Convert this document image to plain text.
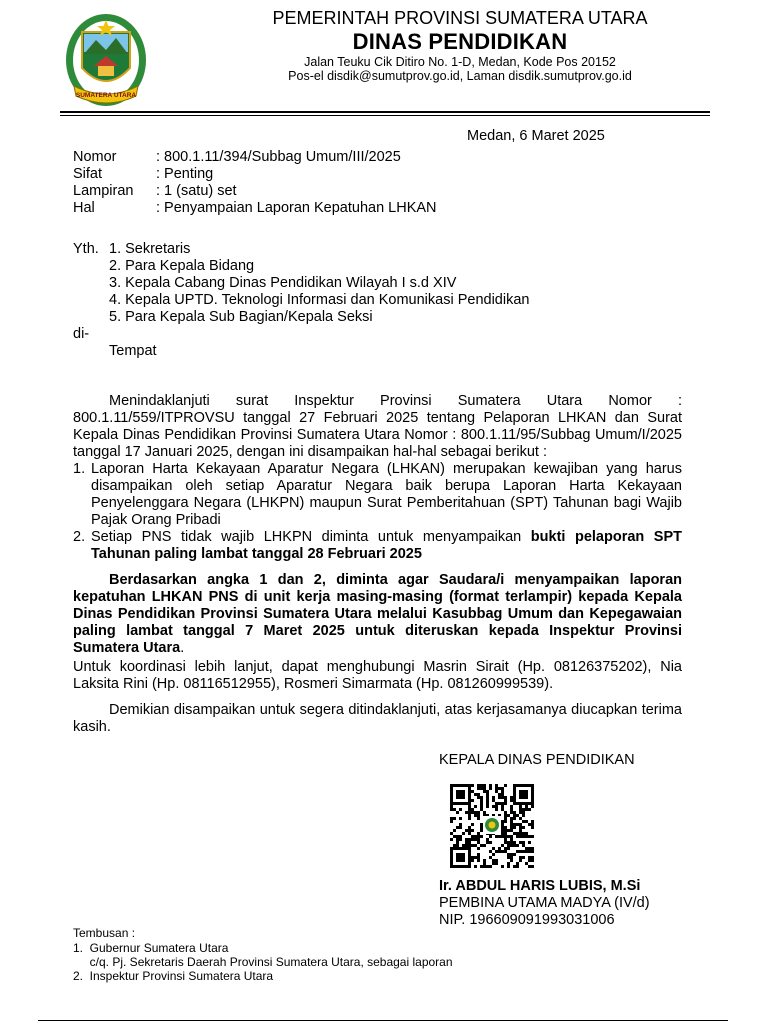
SUMATERA UTARA
PEMERINTAH PROVINSI SUMATERA UTARA
DINAS PENDIDIKAN
Jalan Teuku Cik Ditiro No. 1-D, Medan, Kode Pos 20152
Pos-el disdik@sumutprov.go.id, Laman disdik.sumutprov.go.id
Medan, 6 Maret 2025
Nomor	: 800.1.11/394/Subbag Umum/III/2025
Sifat	: Penting
Lampiran	: 1 (satu) set
Hal	: Penyampaian Laporan Kepatuhan LHKAN
Yth. 1. Sekretaris
2. Para Kepala Bidang
3. Kepala Cabang Dinas Pendidikan Wilayah I s.d XIV
4. Kepala UPTD. Teknologi Informasi dan Komunikasi Pendidikan
5. Para Kepala Sub Bagian/Kepala Seksi
di-
Tempat
Menindaklanjuti surat Inspektur Provinsi Sumatera Utara Nomor : 800.1.11/559/ITPROVSU tanggal 27 Februari 2025 tentang Pelaporan LHKAN dan Surat Kepala Dinas Pendidikan Provinsi Sumatera Utara Nomor : 800.1.11/95/Subbag Umum/I/2025 tanggal 17 Januari 2025, dengan ini disampaikan hal-hal sebagai berikut :
1. Laporan Harta Kekayaan Aparatur Negara (LHKAN) merupakan kewajiban yang harus disampaikan oleh setiap Aparatur Negara baik berupa Laporan Harta Kekayaan Penyelenggara Negara (LHKPN) maupun Surat Pemberitahuan (SPT) Tahunan bagi Wajib Pajak Orang Pribadi
2. Setiap PNS tidak wajib LHKPN diminta untuk menyampaikan bukti pelaporan SPT Tahunan paling lambat tanggal 28 Februari 2025
Berdasarkan angka 1 dan 2, diminta agar Saudara/i menyampaikan laporan kepatuhan LHKAN PNS di unit kerja masing-masing (format terlampir) kepada Kepala Dinas Pendidikan Provinsi Sumatera Utara melalui Kasubbag Umum dan Kepegawaian paling lambat tanggal 7 Maret 2025 untuk diteruskan kepada Inspektur Provinsi Sumatera Utara.
Untuk koordinasi lebih lanjut, dapat menghubungi Masrin Sirait (Hp. 08126375202), Nia Laksita Rini (Hp. 08116512955), Rosmeri Simarmata (Hp. 081260999539).
Demikian disampaikan untuk segera ditindaklanjuti, atas kerjasamanya diucapkan terima kasih.
KEPALA DINAS PENDIDIKAN
Ir. ABDUL HARIS LUBIS, M.Si
PEMBINA UTAMA MADYA (IV/d)
NIP. 196609091993031006
Tembusan :
1.  Gubernur Sumatera Utara
c/q. Pj. Sekretaris Daerah Provinsi Sumatera Utara, sebagai laporan
2.  Inspektur Provinsi Sumatera Utara
